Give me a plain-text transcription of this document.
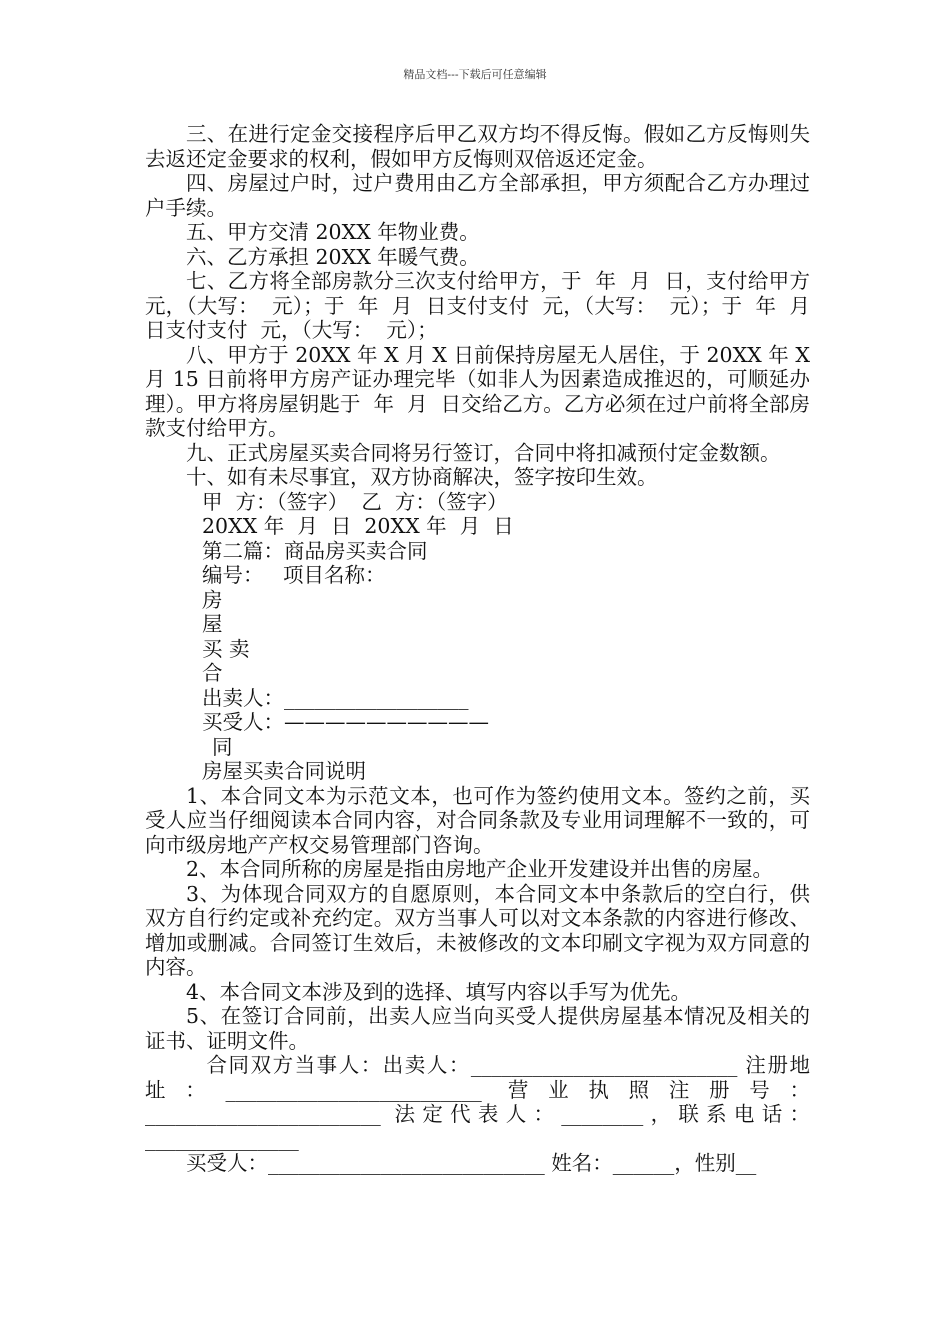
精品文档---下载后可任意编辑

三、在进行定金交接程序后甲乙双方均不得反悔。假如乙方反悔则失去返还定金要求的权利，假如甲方反悔则双倍返还定金。

四、房屋过户时，过户费用由乙方全部承担，甲方须配合乙方办理过户手续。

五、甲方交清 20XX 年物业费。

六、乙方承担 20XX 年暖气费。

七、乙方将全部房款分三次支付给甲方，于  年  月  日，支付给甲方  元，（大写：  元）；于  年  月  日支付支付  元，（大写：  元）；于  年  月  日支付支付  元，（大写：  元）；

八、甲方于 20XX 年 X 月 X 日前保持房屋无人居住，于 20XX 年 X 月 15 日前将甲方房产证办理完毕（如非人为因素造成推迟的，可顺延办理）。甲方将房屋钥匙于  年  月  日交给乙方。乙方必须在过户前将全部房款支付给甲方。

九、正式房屋买卖合同将另行签订，合同中将扣减预付定金数额。

十、如有未尽事宜，双方协商解决，签字按印生效。

甲  方：（签字）  乙  方：（签字）

20XX 年  月  日  20XX 年  月  日

第二篇：商品房买卖合同

编号：   项目名称：

房

屋

买 卖

合

出卖人：__________________

买受人：——————————

同

房屋买卖合同说明

1、本合同文本为示范文本，也可作为签约使用文本。签约之前，买受人应当仔细阅读本合同内容，对合同条款及专业用词理解不一致的，可向市级房地产产权交易管理部门咨询。

2、本合同所称的房屋是指由房地产企业开发建设并出售的房屋。

3、为体现合同双方的自愿原则，本合同文本中条款后的空白行，供双方自行约定或补充约定。双方当事人可以对文本条款的内容进行修改、增加或删减。合同签订生效后，未被修改的文本印刷文字视为双方同意的内容。

4、本合同文本涉及到的选择、填写内容以手写为优先。

5、在签订合同前，出卖人应当向买受人提供房屋基本情况及相关的证书、证明文件。

合同双方当事人：出卖人：__________________________ 注册地址：_________________________ 营业执照注册号：_______________________ 法定代表人：________，联系电话：_______________

买受人：___________________________ 姓名：______，性别__
